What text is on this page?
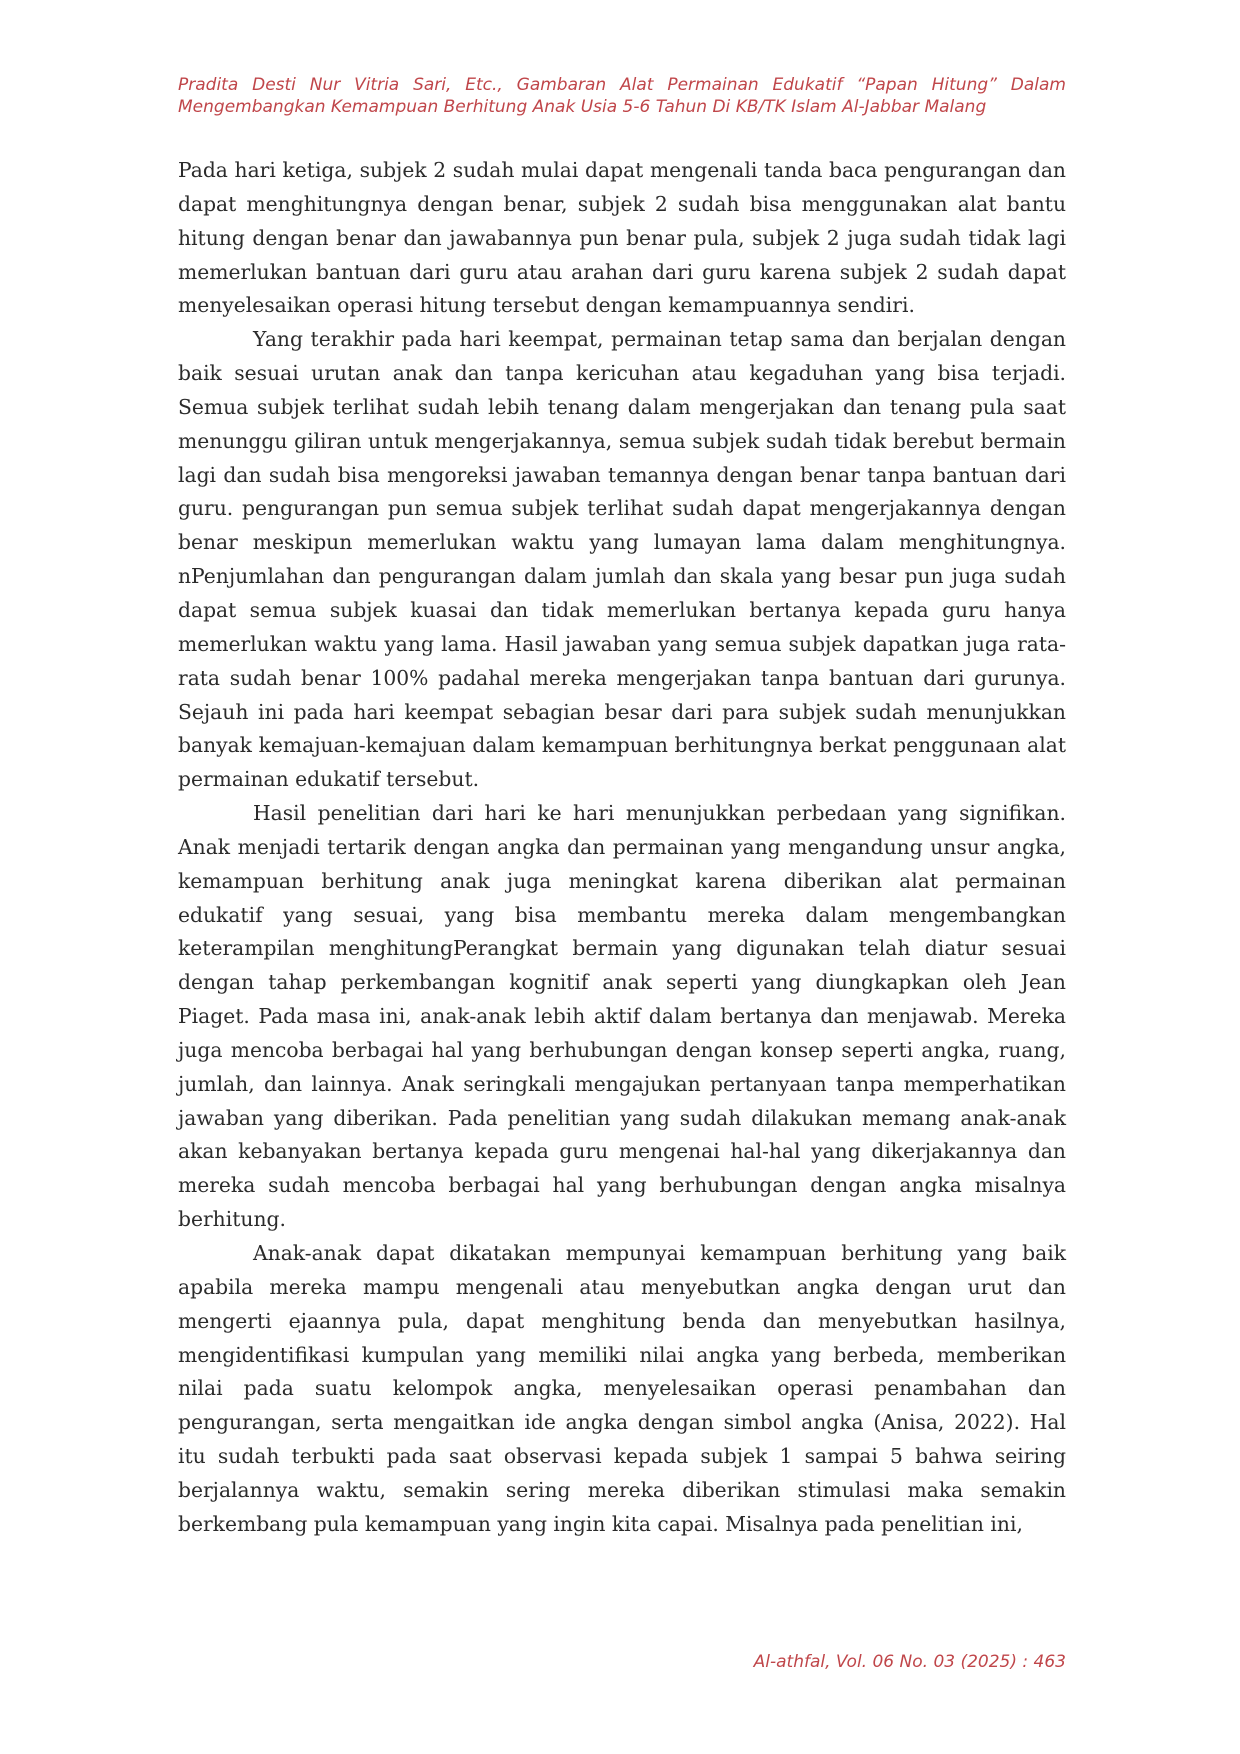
Pradita Desti Nur Vitria Sari, Etc., Gambaran Alat Permainan Edukatif “Papan Hitung” Dalam
Mengembangkan Kemampuan Berhitung Anak Usia 5-6 Tahun Di KB/TK Islam Al-Jabbar Malang

Pada hari ketiga, subjek 2 sudah mulai dapat mengenali tanda baca pengurangan dan dapat menghitungnya dengan benar, subjek 2 sudah bisa menggunakan alat bantu hitung dengan benar dan jawabannya pun benar pula, subjek 2 juga sudah tidak lagi memerlukan bantuan dari guru atau arahan dari guru karena subjek 2 sudah dapat menyelesaikan operasi hitung tersebut dengan kemampuannya sendiri.

Yang terakhir pada hari keempat, permainan tetap sama dan berjalan dengan baik sesuai urutan anak dan tanpa kericuhan atau kegaduhan yang bisa terjadi. Semua subjek terlihat sudah lebih tenang dalam mengerjakan dan tenang pula saat menunggu giliran untuk mengerjakannya, semua subjek sudah tidak berebut bermain lagi dan sudah bisa mengoreksi jawaban temannya dengan benar tanpa bantuan dari guru. pengurangan pun semua subjek terlihat sudah dapat mengerjakannya dengan benar meskipun memerlukan waktu yang lumayan lama dalam menghitungnya. nPenjumlahan dan pengurangan dalam jumlah dan skala yang besar pun juga sudah dapat semua subjek kuasai dan tidak memerlukan bertanya kepada guru hanya memerlukan waktu yang lama. Hasil jawaban yang semua subjek dapatkan juga rata-rata sudah benar 100% padahal mereka mengerjakan tanpa bantuan dari gurunya. Sejauh ini pada hari keempat sebagian besar dari para subjek sudah menunjukkan banyak kemajuan-kemajuan dalam kemampuan berhitungnya berkat penggunaan alat permainan edukatif tersebut.

Hasil penelitian dari hari ke hari menunjukkan perbedaan yang signifikan. Anak menjadi tertarik dengan angka dan permainan yang mengandung unsur angka, kemampuan berhitung anak juga meningkat karena diberikan alat permainan edukatif yang sesuai, yang bisa membantu mereka dalam mengembangkan keterampilan menghitungPerangkat bermain yang digunakan telah diatur sesuai dengan tahap perkembangan kognitif anak seperti yang diungkapkan oleh Jean Piaget. Pada masa ini, anak-anak lebih aktif dalam bertanya dan menjawab. Mereka juga mencoba berbagai hal yang berhubungan dengan konsep seperti angka, ruang, jumlah, dan lainnya. Anak seringkali mengajukan pertanyaan tanpa memperhatikan jawaban yang diberikan. Pada penelitian yang sudah dilakukan memang anak-anak akan kebanyakan bertanya kepada guru mengenai hal-hal yang dikerjakannya dan mereka sudah mencoba berbagai hal yang berhubungan dengan angka misalnya berhitung.

Anak-anak dapat dikatakan mempunyai kemampuan berhitung yang baik apabila mereka mampu mengenali atau menyebutkan angka dengan urut dan mengerti ejaannya pula, dapat menghitung benda dan menyebutkan hasilnya, mengidentifikasi kumpulan yang memiliki nilai angka yang berbeda, memberikan nilai pada suatu kelompok angka, menyelesaikan operasi penambahan dan pengurangan, serta mengaitkan ide angka dengan simbol angka (Anisa, 2022). Hal itu sudah terbukti pada saat observasi kepada subjek 1 sampai 5 bahwa seiring berjalannya waktu, semakin sering mereka diberikan stimulasi maka semakin berkembang pula kemampuan yang ingin kita capai. Misalnya pada penelitian ini,

Al-athfal, Vol. 06 No. 03 (2025) : 463
